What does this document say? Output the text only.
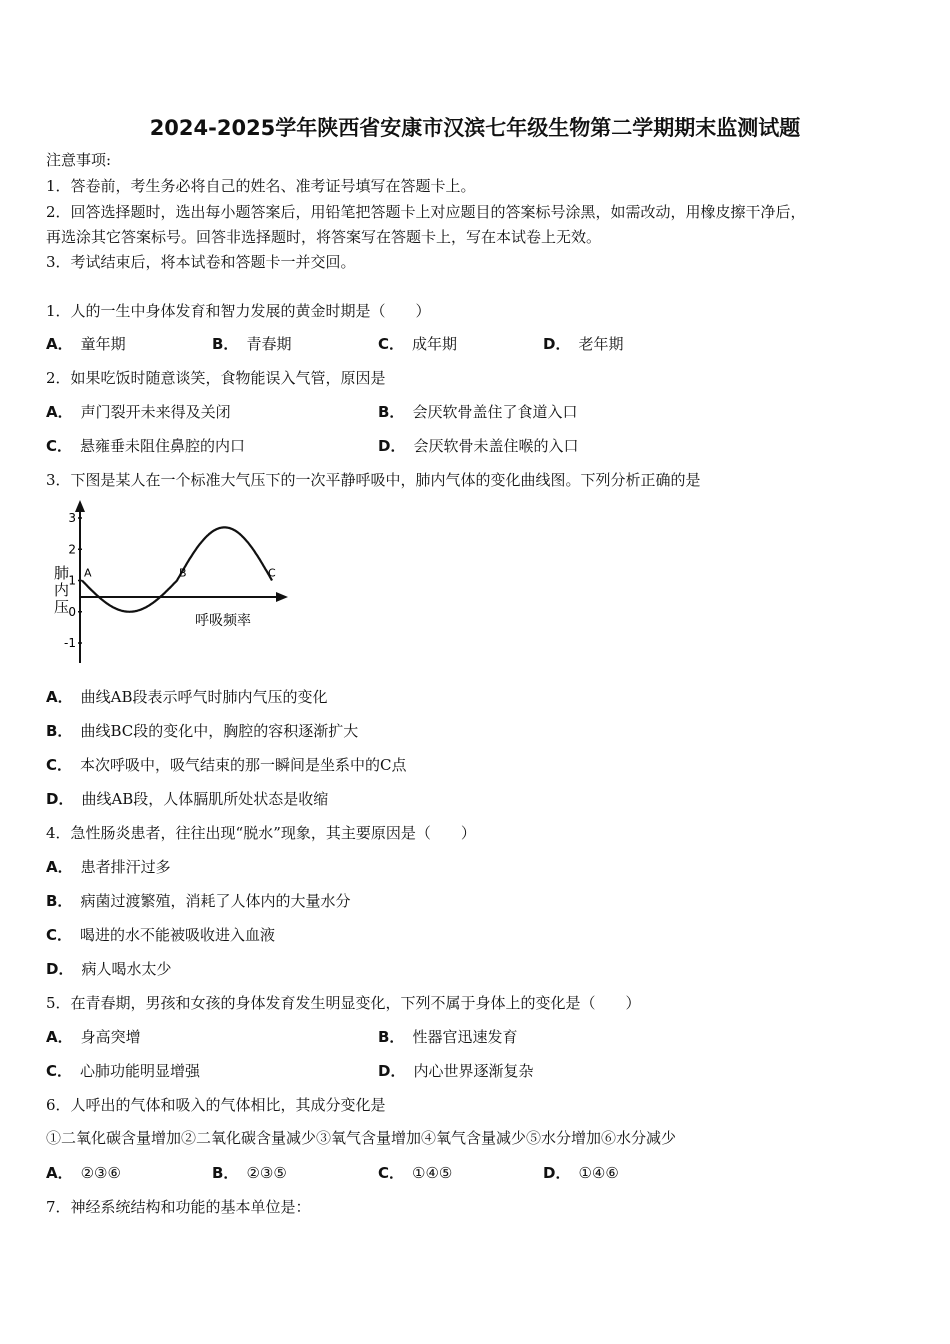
2024-2025学年陕西省安康市汉滨七年级生物第二学期期末监测试题
注意事项:
1．答卷前，考生务必将自己的姓名、准考证号填写在答题卡上。
2．回答选择题时，选出每小题答案后，用铅笔把答题卡上对应题目的答案标号涂黑，如需改动，用橡皮擦干净后，
再选涂其它答案标号。回答非选择题时，将答案写在答题卡上，写在本试卷上无效。
3．考试结束后，将本试卷和答题卡一并交回。
1．人的一生中身体发育和智力发展的黄金时期是（　　）
A． 童年期	B． 青春期	C． 成年期	D． 老年期
2．如果吃饭时随意谈笑，食物能误入气管，原因是
A． 声门裂开未来得及关闭	B． 会厌软骨盖住了食道入口
C． 悬雍垂未阻住鼻腔的内口	D． 会厌软骨未盖住喉的入口
3．下图是某人在一个标准大气压下的一次平静呼吸中，肺内气体的变化曲线图。下列分析正确的是
3
2
1
0
-1
肺
内
压
呼吸频率
A	B	C
A． 曲线AB段表示呼气时肺内气压的变化
B． 曲线BC段的变化中，胸腔的容积逐渐扩大
C． 本次呼吸中，吸气结束的那一瞬间是坐系中的C点
D． 曲线AB段，人体膈肌所处状态是收缩
4．急性肠炎患者，往往出现“脱水”现象，其主要原因是（　　）
A． 患者排汗过多
B． 病菌过渡繁殖，消耗了人体内的大量水分
C． 喝进的水不能被吸收进入血液
D． 病人喝水太少
5．在青春期，男孩和女孩的身体发育发生明显变化，下列不属于身体上的变化是（　　）
A． 身高突增	B． 性器官迅速发育
C． 心肺功能明显增强	D． 内心世界逐渐复杂
6．人呼出的气体和吸入的气体相比，其成分变化是
①二氧化碳含量增加②二氧化碳含量减少③氧气含量增加④氧气含量减少⑤水分增加⑥水分减少
A． ②③⑥	B． ②③⑤	C． ①④⑤	D． ①④⑥
7．神经系统结构和功能的基本单位是：
